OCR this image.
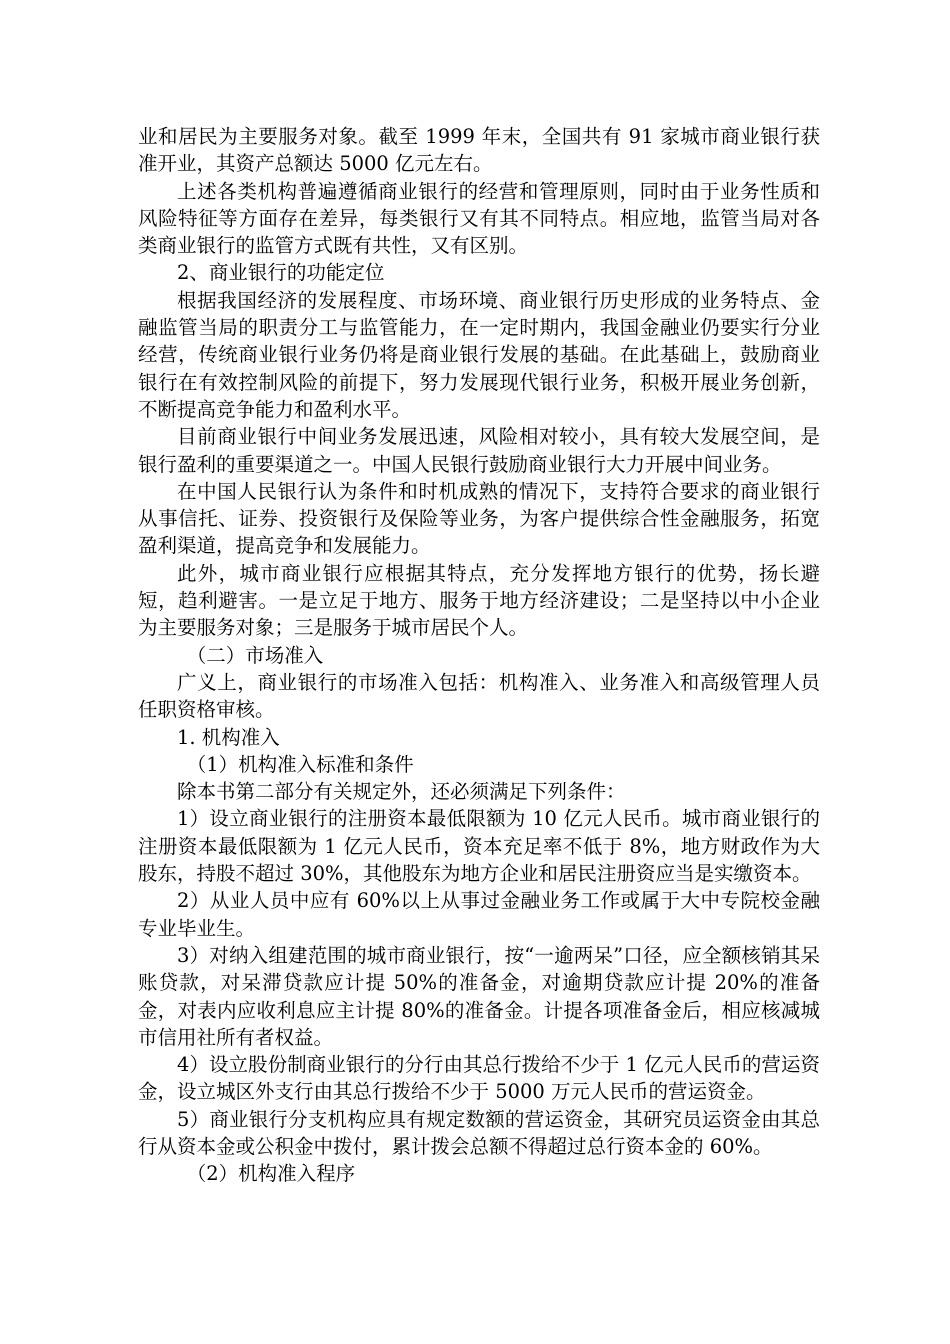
业和居民为主要服务对象。截至 1999 年末，全国共有 91 家城市商业银行获准开业，其资产总额达 5000 亿元左右。

上述各类机构普遍遵循商业银行的经营和管理原则，同时由于业务性质和风险特征等方面存在差异，每类银行又有其不同特点。相应地，监管当局对各类商业银行的监管方式既有共性，又有区别。

2、商业银行的功能定位

根据我国经济的发展程度、市场环境、商业银行历史形成的业务特点、金融监管当局的职责分工与监管能力，在一定时期内，我国金融业仍要实行分业经营，传统商业银行业务仍将是商业银行发展的基础。在此基础上，鼓励商业银行在有效控制风险的前提下，努力发展现代银行业务，积极开展业务创新，不断提高竞争能力和盈利水平。

目前商业银行中间业务发展迅速，风险相对较小，具有较大发展空间，是银行盈利的重要渠道之一。中国人民银行鼓励商业银行大力开展中间业务。

在中国人民银行认为条件和时机成熟的情况下，支持符合要求的商业银行从事信托、证券、投资银行及保险等业务，为客户提供综合性金融服务，拓宽盈利渠道，提高竞争和发展能力。

此外，城市商业银行应根据其特点，充分发挥地方银行的优势，扬长避短，趋利避害。一是立足于地方、服务于地方经济建设；二是坚持以中小企业为主要服务对象；三是服务于城市居民个人。

（二）市场准入

广义上，商业银行的市场准入包括：机构准入、业务准入和高级管理人员任职资格审核。

1. 机构准入

（1）机构准入标准和条件

除本书第二部分有关规定外，还必须满足下列条件：

1）设立商业银行的注册资本最低限额为 10 亿元人民币。城市商业银行的注册资本最低限额为 1 亿元人民币，资本充足率不低于 8%，地方财政作为大股东，持股不超过 30%，其他股东为地方企业和居民注册资应当是实缴资本。

2）从业人员中应有 60%以上从事过金融业务工作或属于大中专院校金融专业毕业生。

3）对纳入组建范围的城市商业银行，按“一逾两呆”口径，应全额核销其呆账贷款，对呆滞贷款应计提 50%的准备金，对逾期贷款应计提 20%的准备金，对表内应收利息应主计提 80%的准备金。计提各项准备金后，相应核减城市信用社所有者权益。

4）设立股份制商业银行的分行由其总行拨给不少于 1 亿元人民币的营运资金，设立城区外支行由其总行拨给不少于 5000 万元人民币的营运资金。

5）商业银行分支机构应具有规定数额的营运资金，其研究员运资金由其总行从资本金或公积金中拨付，累计拨会总额不得超过总行资本金的 60%。

（2）机构准入程序
